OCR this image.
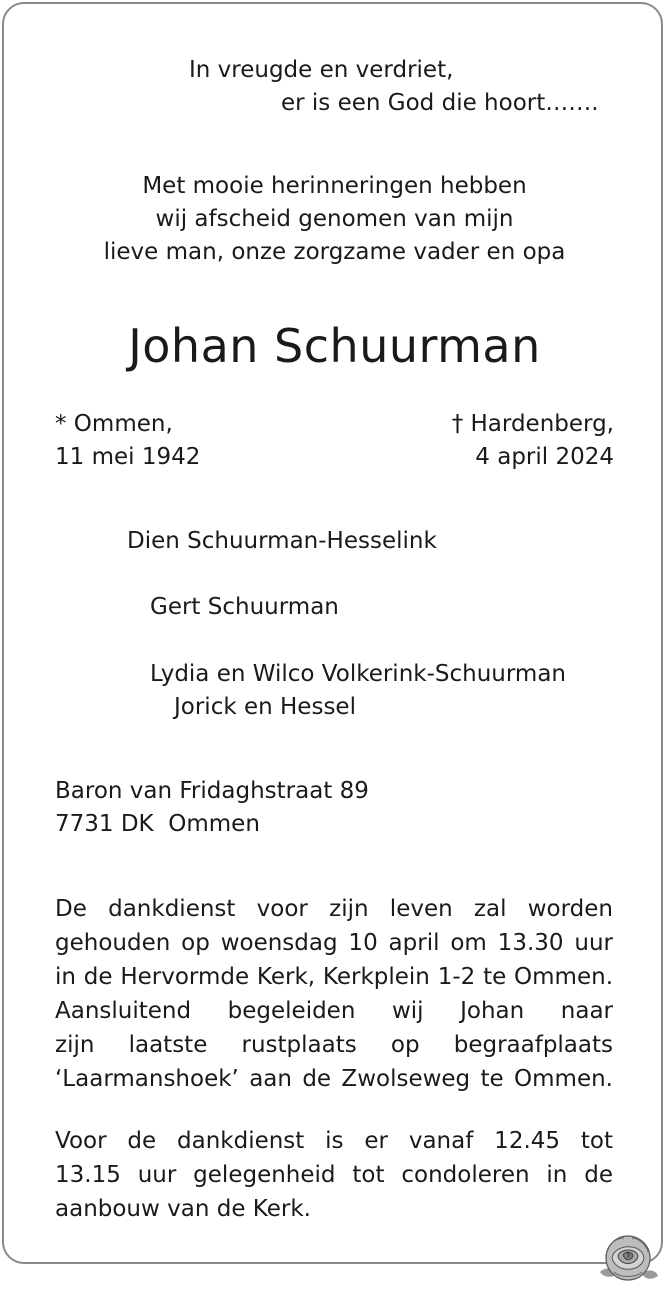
In vreugde en verdriet,
er is een God die hoort…….
Met mooie herinneringen hebben
wij afscheid genomen van mijn
lieve man, onze zorgzame vader en opa
Johan Schuurman
* Ommen,
11 mei 1942
† Hardenberg,
4 april 2024
Dien Schuurman-Hesselink
Gert Schuurman
Lydia en Wilco Volkerink-Schuurman
Jorick en Hessel
Baron van Fridaghstraat 89
7731 DK  Ommen
De dankdienst voor zijn leven zal worden
gehouden op woensdag 10 april om 13.30 uur
in de Hervormde Kerk, Kerkplein 1-2 te Ommen.
Aansluitend begeleiden wij Johan naar
zijn laatste rustplaats op begraafplaats
‘Laarmanshoek’ aan de Zwolseweg te Ommen.
Voor de dankdienst is er vanaf 12.45 tot
13.15 uur gelegenheid tot condoleren in de
aanbouw van de Kerk.
